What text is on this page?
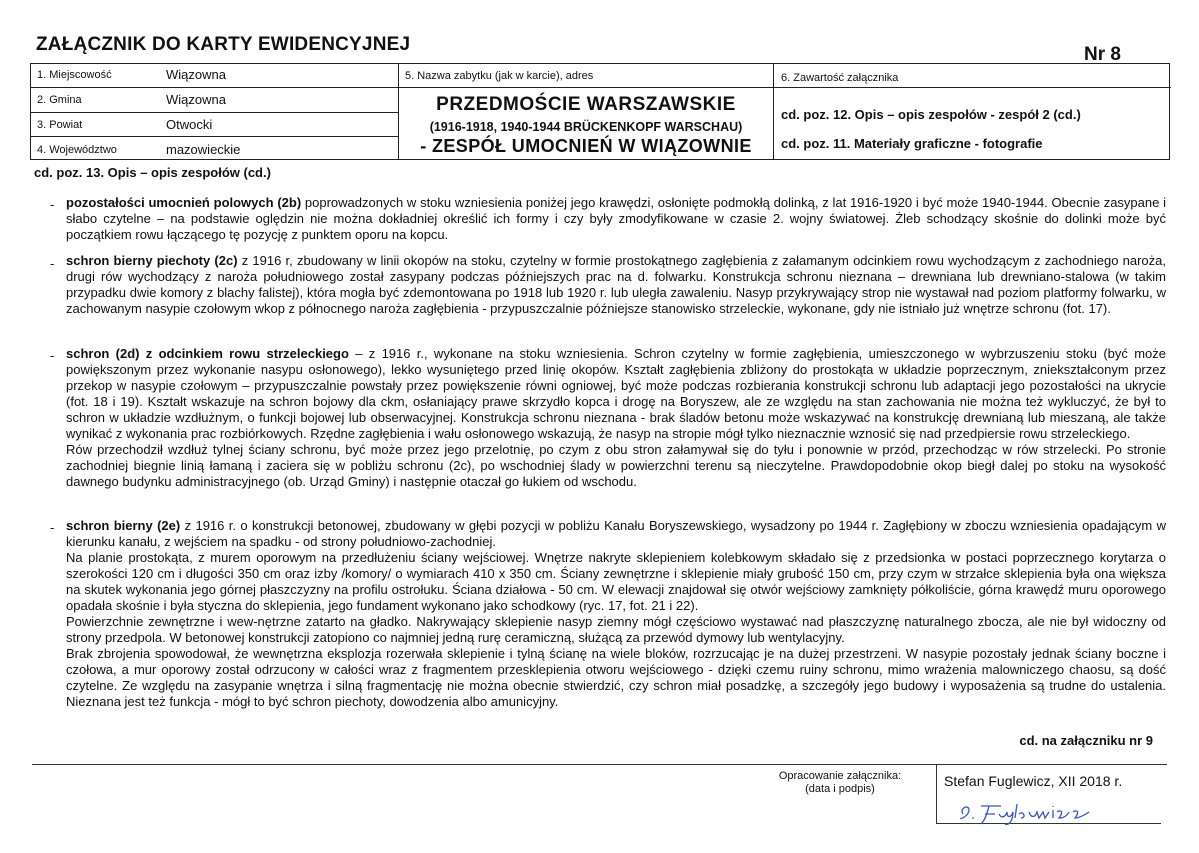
ZAŁĄCZNIK DO KARTY EWIDENCYJNEJ	Nr 8
1. Miejscowość	Wiązowna
2. Gmina	Wiązowna
3. Powiat	Otwocki
4. Województwo	mazowieckie
5. Nazwa zabytku (jak w karcie), adres	6. Zawartość załącznika
PRZEDMOŚCIE WARSZAWSKIE
(1916-1918, 1940-1944 BRÜCKENKOPF WARSCHAU)
- ZESPÓŁ UMOCNIEŃ W WIĄZOWNIE
cd. poz. 12. Opis – opis zespołów - zespół 2 (cd.)
cd. poz. 11. Materiały graficzne - fotografie
cd. poz. 13. Opis – opis zespołów (cd.)
- pozostałości umocnień polowych (2b) poprowadzonych w stoku wzniesienia poniżej jego krawędzi, osłonięte podmokłą dolinką, z lat 1916-1920 i być może 1940-1944. Obecnie zasypane i słabo czytelne – na podstawie oględzin nie można dokładniej określić ich formy i czy były zmodyfikowane w czasie 2. wojny światowej. Żleb schodzący skośnie do dolinki może być początkiem rowu łączącego tę pozycję z punktem oporu na kopcu.

- schron bierny piechoty (2c) z 1916 r, zbudowany w linii okopów na stoku, czytelny w formie prostokątnego zagłębienia z załamanym odcinkiem rowu wychodzącym z zachodniego naroża, drugi rów wychodzący z naroża południowego został zasypany podczas późniejszych prac na d. folwarku. Konstrukcja schronu nieznana – drewniana lub drewniano-stalowa (w takim przypadku dwie komory z blachy falistej), która mogła być zdemontowana po 1918 lub 1920 r. lub uległa zawaleniu. Nasyp przykrywający strop nie wystawał nad poziom platformy folwarku, w zachowanym nasypie czołowym wkop z północnego naroża zagłębienia - przypuszczalnie późniejsze stanowisko strzeleckie, wykonane, gdy nie istniało już wnętrze schronu (fot. 17).

- schron (2d) z odcinkiem rowu strzeleckiego – z 1916 r., wykonane na stoku wzniesienia. Schron czytelny w formie zagłębienia, umieszczonego w wybrzuszeniu stoku (być może powiększonym przez wykonanie nasypu osłonowego), lekko wysuniętego przed linię okopów. Kształt zagłębienia zbliżony do prostokąta w układzie poprzecznym, zniekształconym przez przekop w nasypie czołowym – przypuszczalnie powstały przez powiększenie równi ogniowej, być może podczas rozbierania konstrukcji schronu lub adaptacji jego pozostałości na ukrycie (fot. 18 i 19). Kształt wskazuje na schron bojowy dla ckm, osłaniający prawe skrzydło kopca i drogę na Boryszew, ale ze względu na stan zachowania nie można też wykluczyć, że był to schron w układzie wzdłużnym, o funkcji bojowej lub obserwacyjnej. Konstrukcja schronu nieznana - brak śladów betonu może wskazywać na konstrukcję drewnianą lub mieszaną, ale także wynikać z wykonania prac rozbiórkowych. Rzędne zagłębienia i wału osłonowego wskazują, że nasyp na stropie mógł tylko nieznacznie wznosić się nad przedpiersie rowu strzeleckiego.

Rów przechodził wzdłuż tylnej ściany schronu, być może przez jego przelotnię, po czym z obu stron załamywał się do tyłu i ponownie w przód, przechodząc w rów strzelecki. Po stronie zachodniej biegnie linią łamaną i zaciera się w pobliżu schronu (2c), po wschodniej ślady w powierzchni terenu są nieczytelne. Prawdopodobnie okop biegł dalej po stoku na wysokość dawnego budynku administracyjnego (ob. Urząd Gminy) i następnie otaczał go łukiem od wschodu.

- schron bierny (2e) z 1916 r. o konstrukcji betonowej, zbudowany w głębi pozycji w pobliżu Kanału Boryszewskiego, wysadzony po 1944 r. Zagłębiony w zboczu wzniesienia opadającym w kierunku kanału, z wejściem na spadku - od strony południowo-zachodniej.

Na planie prostokąta, z murem oporowym na przedłużeniu ściany wejściowej. Wnętrze nakryte sklepieniem kolebkowym składało się z przedsionka w postaci poprzecznego korytarza o szerokości 120 cm i długości 350 cm oraz izby /komory/ o wymiarach 410 x 350 cm. Ściany zewnętrzne i sklepienie miały grubość 150 cm, przy czym w strzałce sklepienia była ona większa na skutek wykonania jego górnej płaszczyzny na profilu ostrołuku. Ściana działowa - 50 cm. W elewacji znajdował się otwór wejściowy zamknięty półkoliście, górna krawędź muru oporowego opadała skośnie i była styczna do sklepienia, jego fundament wykonano jako schodkowy (ryc. 17, fot. 21 i 22).

Powierzchnie zewnętrzne i wew-nętrzne zatarto na gładko. Nakrywający sklepienie nasyp ziemny mógł częściowo wystawać nad płaszczyznę naturalnego zbocza, ale nie był widoczny od strony przedpola. W betonowej konstrukcji zatopiono co najmniej jedną rurę ceramiczną, służącą za przewód dymowy lub wentylacyjny.

Brak zbrojenia spowodował, że wewnętrzna eksplozja rozerwała sklepienie i tylną ścianę na wiele bloków, rozrzucając je na dużej przestrzeni. W nasypie pozostały jednak ściany boczne i czołowa, a mur oporowy został odrzucony w całości wraz z fragmentem przesklepienia otworu wejściowego - dzięki czemu ruiny schronu, mimo wrażenia malowniczego chaosu, są dość czytelne. Ze względu na zasypanie wnętrza i silną fragmentację nie można obecnie stwierdzić, czy schron miał posadzkę, a szczegóły jego budowy i wyposażenia są trudne do ustalenia. Nieznana jest też funkcja - mógł to być schron piechoty, dowodzenia albo amunicyjny.

cd. na załączniku nr 9
Opracowanie załącznika:
(data i podpis)	Stefan Fuglewicz, XII 2018 r.
